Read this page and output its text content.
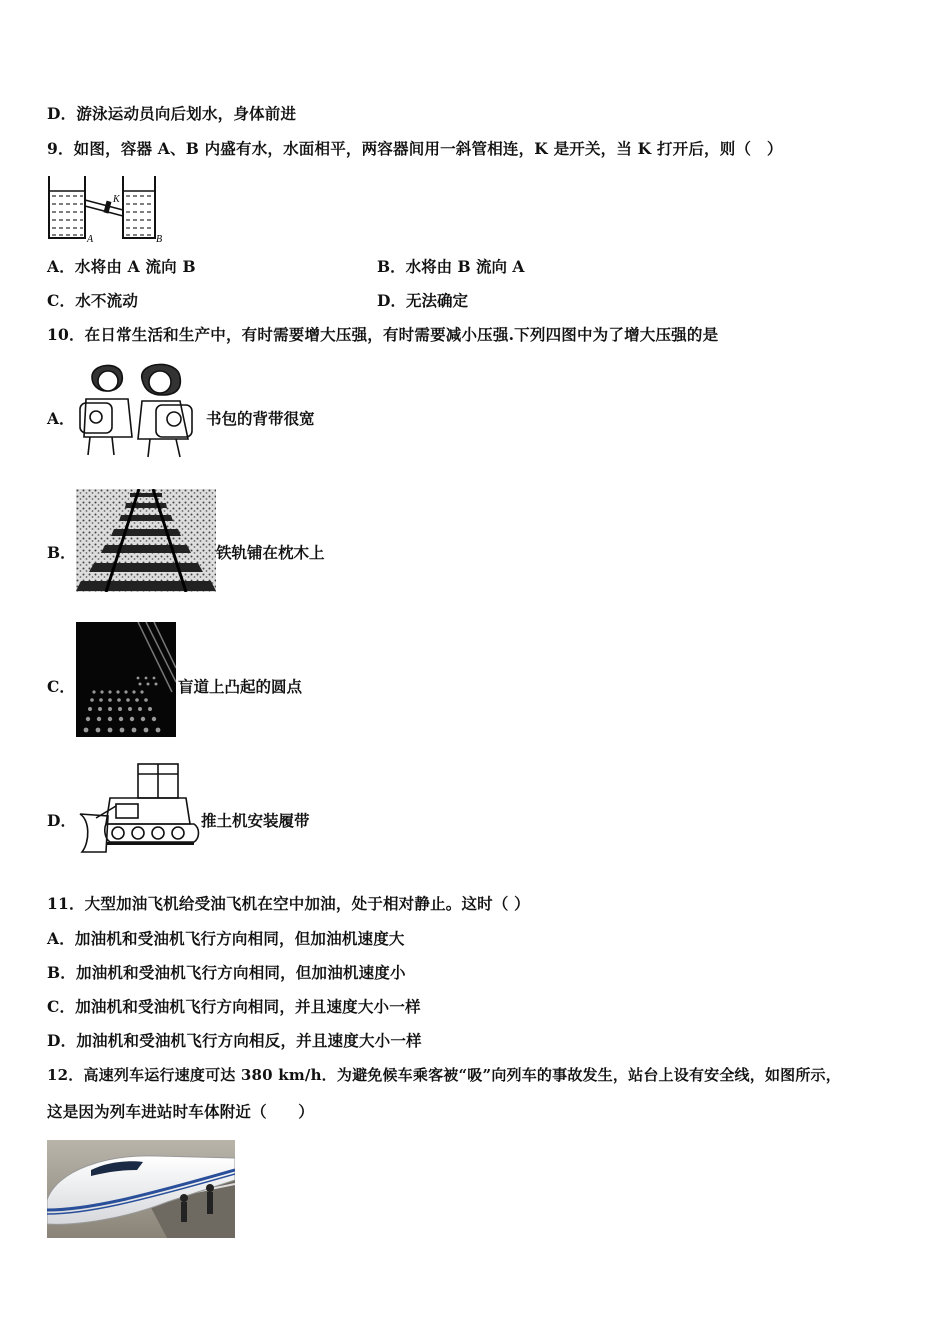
D．游泳运动员向后划水，身体前进
9．如图，容器 A、B 内盛有水，水面相平，两容器间用一斜管相连，K 是开关，当 K 打开后，则（　）
K
A	B
A．水将由 A 流向 B	B．水将由 B 流向 A
C．水不流动	D．无法确定
10．在日常生活和生产中，有时需要增大压强，有时需要减小压强.下列四图中为了增大压强的是
A．	书包的背带很宽
B．	铁轨铺在枕木上
C．	盲道上凸起的圆点
D．	推土机安装履带
11．大型加油飞机给受油飞机在空中加油，处于相对静止。这时（ ）
A．加油机和受油机飞行方向相同，但加油机速度大
B．加油机和受油机飞行方向相同，但加油机速度小
C．加油机和受油机飞行方向相同，并且速度大小一样
D．加油机和受油机飞行方向相反，并且速度大小一样
12．高速列车运行速度可达 380 km/h．为避免候车乘客被“吸”向列车的事故发生，站台上设有安全线，如图所示，
这是因为列车进站时车体附近（　　）
